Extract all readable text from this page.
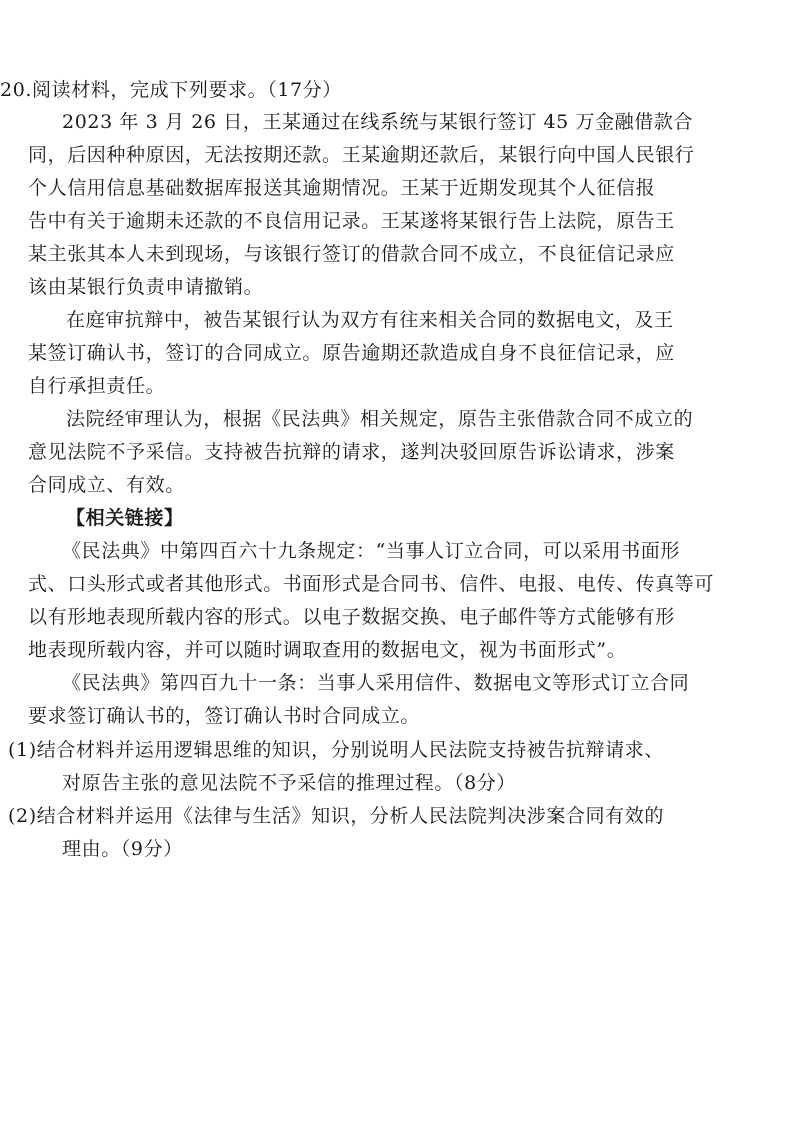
20.阅读材料，完成下列要求。（17分）
2023 年 3 月 26 日，王某通过在线系统与某银行签订 45 万金融借款合
同，后因种种原因，无法按期还款。王某逾期还款后，某银行向中国人民银行
个人信用信息基础数据库报送其逾期情况。王某于近期发现其个人征信报
告中有关于逾期未还款的不良信用记录。王某遂将某银行告上法院，原告王
某主张其本人未到现场，与该银行签订的借款合同不成立，不良征信记录应
该由某银行负责申请撤销。
在庭审抗辩中，被告某银行认为双方有往来相关合同的数据电文，及王
某签订确认书，签订的合同成立。原告逾期还款造成自身不良征信记录，应
自行承担责任。
法院经审理认为，根据《民法典》相关规定，原告主张借款合同不成立的
意见法院不予采信。支持被告抗辩的请求，遂判决驳回原告诉讼请求，涉案
合同成立、有效。
【相关链接】
《民法典》中第四百六十九条规定：“当事人订立合同，可以采用书面形
式、口头形式或者其他形式。书面形式是合同书、信件、电报、电传、传真等可
以有形地表现所载内容的形式。以电子数据交换、电子邮件等方式能够有形
地表现所载内容，并可以随时调取查用的数据电文，视为书面形式”。
《民法典》第四百九十一条：当事人采用信件、数据电文等形式订立合同
要求签订确认书的，签订确认书时合同成立。
(1)结合材料并运用逻辑思维的知识，分别说明人民法院支持被告抗辩请求、
对原告主张的意见法院不予采信的推理过程。（8分）
(2)结合材料并运用《法律与生活》知识，分析人民法院判决涉案合同有效的
理由。（9分）
